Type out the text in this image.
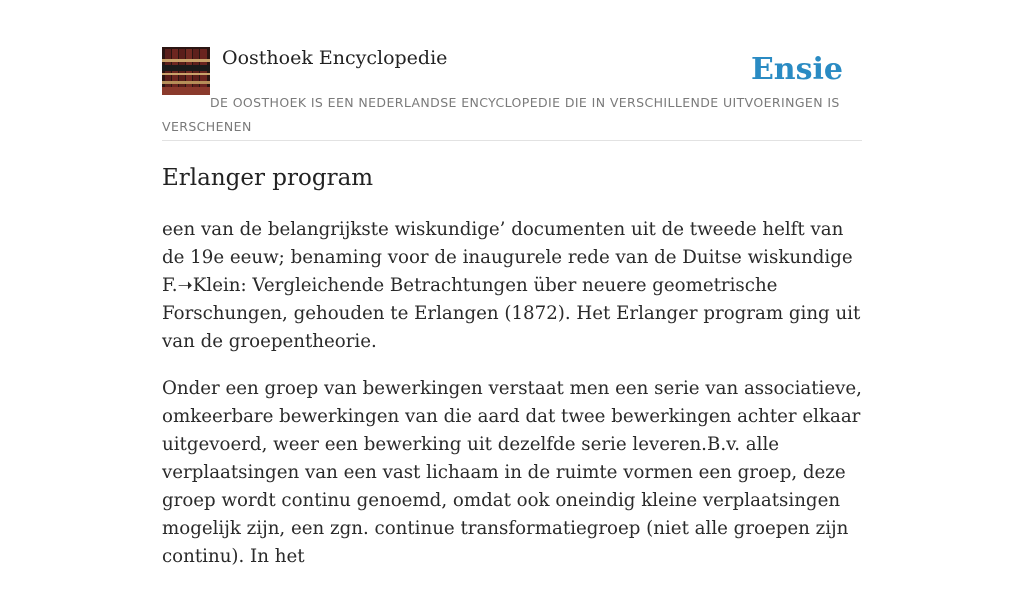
Oosthoek Encyclopedie	Ensie
DE OOSTHOEK IS EEN NEDERLANDSE ENCYCLOPEDIE DIE IN VERSCHILLENDE UITVOERINGEN IS VERSCHENEN
Erlanger program

een van de belangrijkste wiskundige’ documenten uit de tweede helft van de 19e eeuw; benaming voor de inaugurele rede van de Duitse wiskundige F.➝Klein: Vergleichende Betrachtungen über neuere geometrische Forschungen, gehouden te Erlangen (1872). Het Erlanger program ging uit van de groepentheorie.

Onder een groep van bewerkingen verstaat men een serie van associatieve, omkeerbare bewerkingen van die aard dat twee bewerkingen achter elkaar uitgevoerd, weer een bewerking uit dezelfde serie leveren.B.v. alle verplaatsingen van een vast lichaam in de ruimte vormen een groep, deze groep wordt continu genoemd, omdat ook oneindig kleine verplaatsingen mogelijk zijn, een zgn. continue transformatiegroep (niet alle groepen zijn continu). In het
